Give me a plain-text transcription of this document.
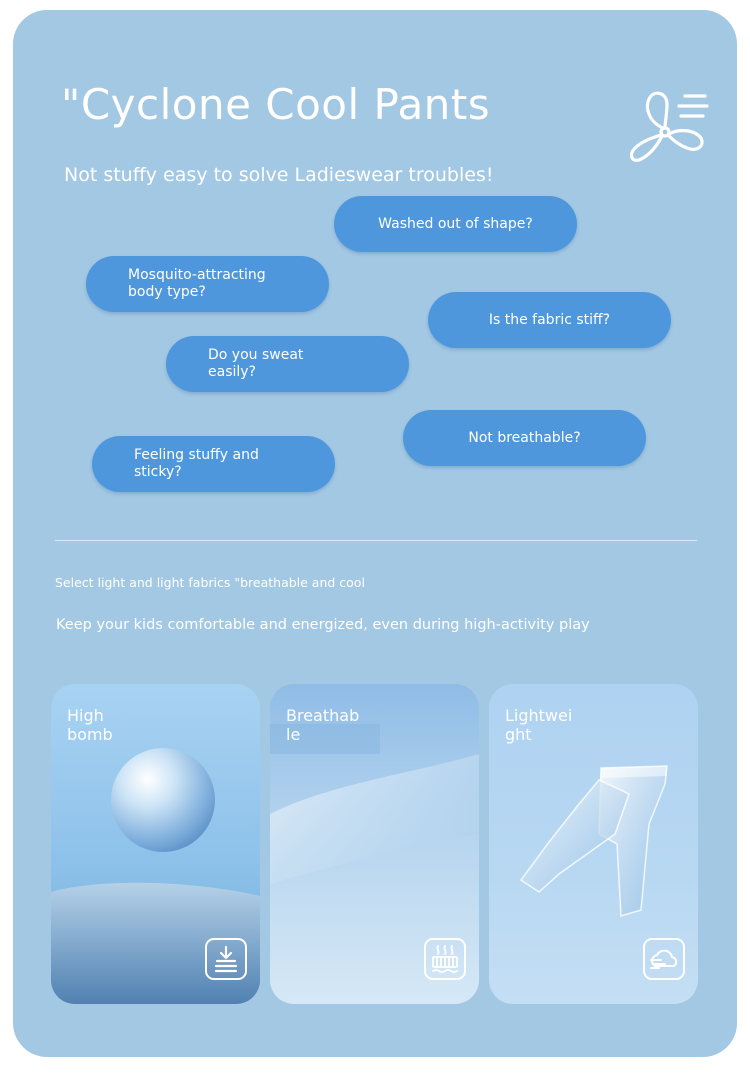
"Cyclone Cool Pants
Not stuffy easy to solve Ladieswear troubles!
Washed out of shape?
Mosquito-attracting
body type?
Is the fabric stiff?
Do you sweat
easily?
Not breathable?
Feeling stuffy and
sticky?
Select light and light fabrics "breathable and cool
Keep your kids comfortable and energized, even during high-activity play
High
bomb
Breathab
le
Lightwei
ght
